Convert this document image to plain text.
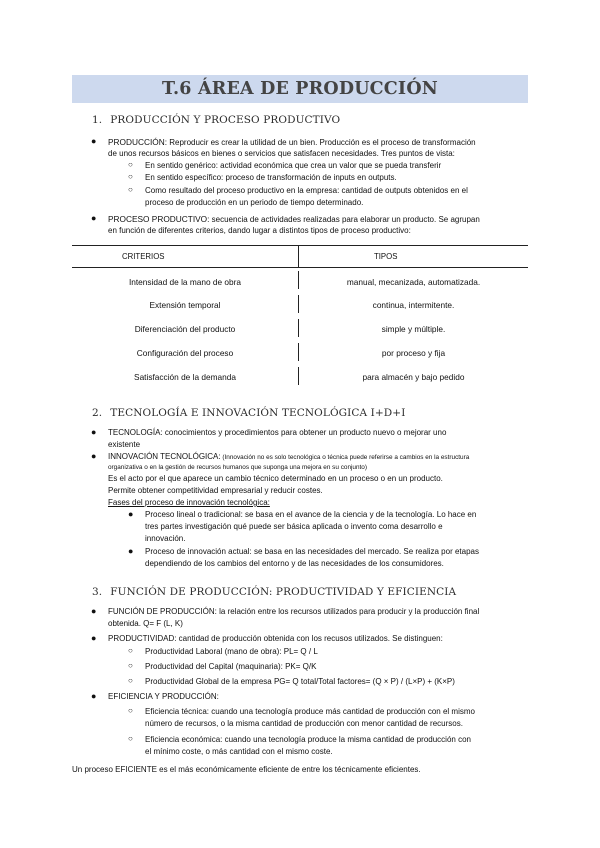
T.6 ÁREA DE PRODUCCIÓN
1. PRODUCCIÓN Y PROCESO PRODUCTIVO
● PRODUCCIÓN: Reproducir es crear la utilidad de un bien. Producción es el proceso de transformación
de unos recursos básicos en bienes o servicios que satisfacen necesidades. Tres puntos de vista:
○ En sentido genérico: actividad económica que crea un valor que se pueda transferir
○ En sentido específico: proceso de transformación de inputs en outputs.
○ Como resultado del proceso productivo en la empresa: cantidad de outputs obtenidos en el
proceso de producción en un periodo de tiempo determinado.
● PROCESO PRODUCTIVO: secuencia de actividades realizadas para elaborar un producto. Se agrupan
en función de diferentes criterios, dando lugar a distintos tipos de proceso productivo:
CRITERIOS	TIPOS
Intensidad de la mano de obra	manual, mecanizada, automatizada.
Extensión temporal	continua, intermitente.
Diferenciación del producto	simple y múltiple.
Configuración del proceso	por proceso y fija
Satisfacción de la demanda	para almacén y bajo pedido
2. TECNOLOGÍA E INNOVACIÓN TECNOLÓGICA I+D+I
● TECNOLOGÍA: conocimientos y procedimientos para obtener un producto nuevo o mejorar uno
existente
● INNOVACIÓN TECNOLÓGICA: (Innovación no es solo tecnológica o técnica puede referirse a cambios en la estructura
organizativa o en la gestión de recursos humanos que suponga una mejora en su conjunto)
Es el acto por el que aparece un cambio técnico determinado en un proceso o en un producto.
Permite obtener competitividad empresarial y reducir costes.
Fases del proceso de innovación tecnológica:
● Proceso lineal o tradicional: se basa en el avance de la ciencia y de la tecnología. Lo hace en
tres partes investigación qué puede ser básica aplicada o invento coma desarrollo e
innovación.
● Proceso de innovación actual: se basa en las necesidades del mercado. Se realiza por etapas
dependiendo de los cambios del entorno y de las necesidades de los consumidores.
3. FUNCIÓN DE PRODUCCIÓN: PRODUCTIVIDAD Y EFICIENCIA
● FUNCIÓN DE PRODUCCIÓN: la relación entre los recursos utilizados para producir y la producción final
obtenida. Q= F (L, K)
● PRODUCTIVIDAD: cantidad de producción obtenida con los recusos utilizados. Se distinguen:
○ Productividad Laboral (mano de obra): PL= Q / L
○ Productividad del Capital (maquinaria): PK= Q/K
○ Productividad Global de la empresa PG= Q total/Total factores= (Q × P) / (L×P) + (K×P)
● EFICIENCIA Y PRODUCCIÓN:
○ Eficiencia técnica: cuando una tecnología produce más cantidad de producción con el mismo
número de recursos, o la misma cantidad de producción con menor cantidad de recursos.
○ Eficiencia económica: cuando una tecnología produce la misma cantidad de producción con
el mínimo coste, o más cantidad con el mismo coste.
Un proceso EFICIENTE es el más económicamente eficiente de entre los técnicamente eficientes.
